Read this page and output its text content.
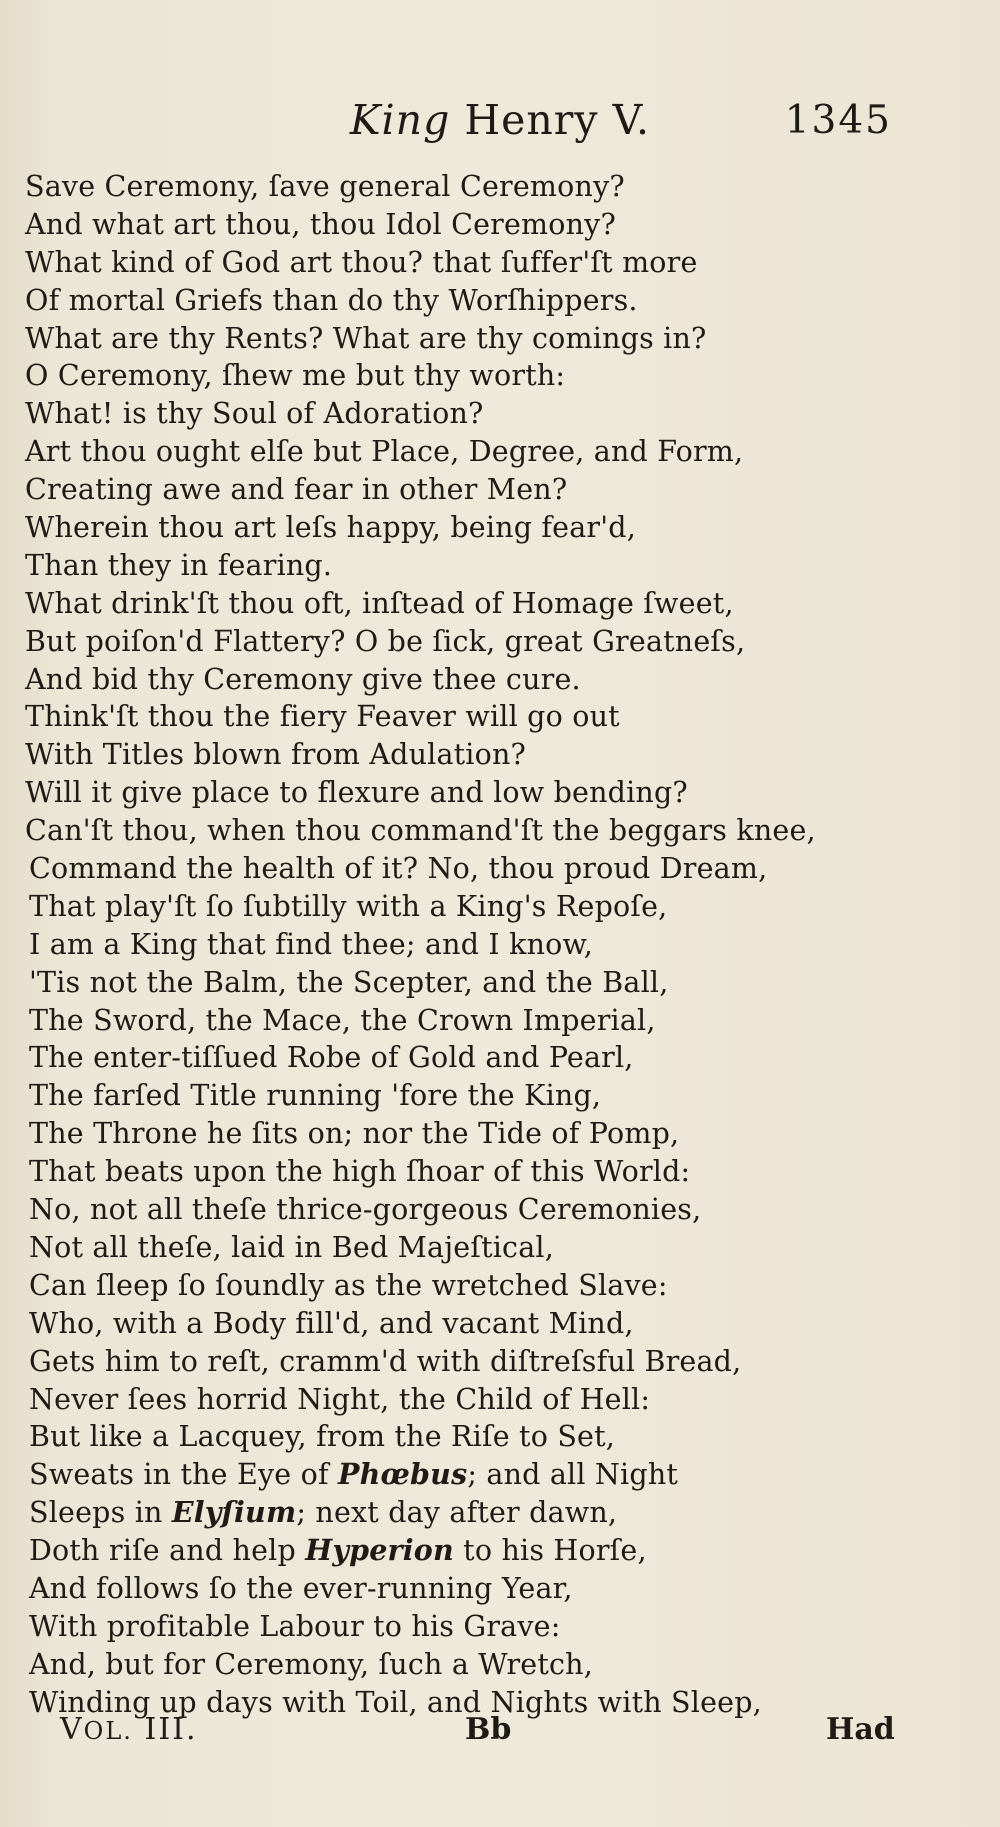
King Henry V.	1345
Save Ceremony, ſave general Ceremony?
And what art thou, thou Idol Ceremony?
What kind of God art thou? that ſuffer'ſt more
Of mortal Griefs than do thy Worſhippers.
What are thy Rents? What are thy comings in?
O Ceremony, ſhew me but thy worth:
What! is thy Soul of Adoration?
Art thou ought elſe but Place, Degree, and Form,
Creating awe and fear in other Men?
Wherein thou art leſs happy, being fear'd,
Than they in fearing.
What drink'ſt thou oft, inſtead of Homage ſweet,
But poiſon'd Flattery? O be ſick, great Greatneſs,
And bid thy Ceremony give thee cure.
Think'ſt thou the fiery Feaver will go out
With Titles blown from Adulation?
Will it give place to flexure and low bending?
Can'ſt thou, when thou command'ſt the beggars knee,
Command the health of it? No, thou proud Dream,
That play'ſt ſo ſubtilly with a King's Repoſe,
I am a King that find thee; and I know,
'Tis not the Balm, the Scepter, and the Ball,
The Sword, the Mace, the Crown Imperial,
The enter-tiſſued Robe of Gold and Pearl,
The farſed Title running 'fore the King,
The Throne he ſits on; nor the Tide of Pomp,
That beats upon the high ſhoar of this World:
No, not all theſe thrice-gorgeous Ceremonies,
Not all theſe, laid in Bed Majeſtical,
Can ſleep ſo ſoundly as the wretched Slave:
Who, with a Body fill'd, and vacant Mind,
Gets him to reſt, cramm'd with diſtreſsful Bread,
Never ſees horrid Night, the Child of Hell:
But like a Lacquey, from the Riſe to Set,
Sweats in the Eye of Phœbus; and all Night
Sleeps in Elyſium; next day after dawn,
Doth riſe and help Hyperion to his Horſe,
And follows ſo the ever-running Year,
With profitable Labour to his Grave:
And, but for Ceremony, ſuch a Wretch,
Winding up days with Toil, and Nights with Sleep,
VOL. III.	Bb	Had
